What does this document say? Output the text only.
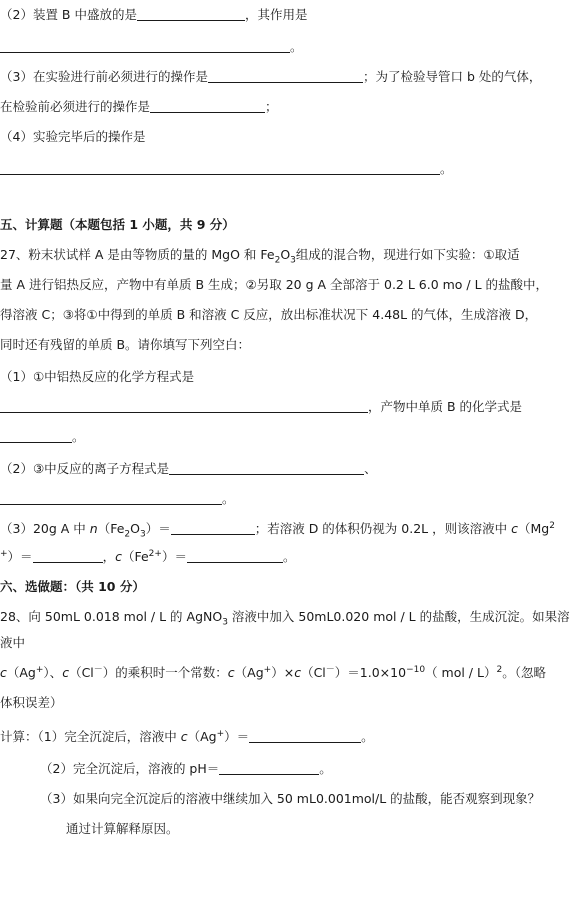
（2）装置 B 中盛放的是	，其作用是
。
（3）在实验进行前必须进行的操作是	；为了检验导管口 b 处的气体，
在检验前必须进行的操作是	；
（4）实验完毕后的操作是
。
五、计算题（本题包括 1 小题，共 9 分）
27、粉末状试样 A 是由等物质的量的 MgO 和 $Fe_2O_3$组成的混合物，现进行如下实验：①取适
量 A 进行铝热反应，产物中有单质 B 生成；②另取 20 g A 全部溶于 0.2 L 6.0 mo / L 的盐酸中，
得溶液 C；③将①中得到的单质 B 和溶液 C 反应，放出标准状况下 4.48L 的气体，生成溶液 D，
同时还有残留的单质 B。请你填写下列空白：
（1）①中铝热反应的化学方程式是
，产物中单质 B 的化学式是
。
（2）③中反应的离子方程式是	、
。
（3）20g A 中 $n(Fe_2O_3)=$	；若溶液 D 的体积仍视为 0.2L ，则该溶液中 c（Mg$^2$
+）＝	，$c(Fe^{2+})=$	。
六、选做题：（共 10 分）
28、向 50mL 0.018 mol / L 的 AgNO$_3$ 溶液中加入 50mL0.020 mol / L 的盐酸，生成沉淀。如果溶
液中
c（Ag+）、c（Cl－）的乘积时一个常数：$c(Ag^+)\times c(Cl^-)=1.0\times 10^{-10}$（ mol / L）$^2$。（忽略
体积误差）
计算：（1）完全沉淀后，溶液中 c（Ag+）＝	。
（2）完全沉淀后，溶液的 pH＝	。
（3）如果向完全沉淀后的溶液中继续加入 50 mL0.001mol/L 的盐酸，能否观察到现象？
通过计算解释原因。
